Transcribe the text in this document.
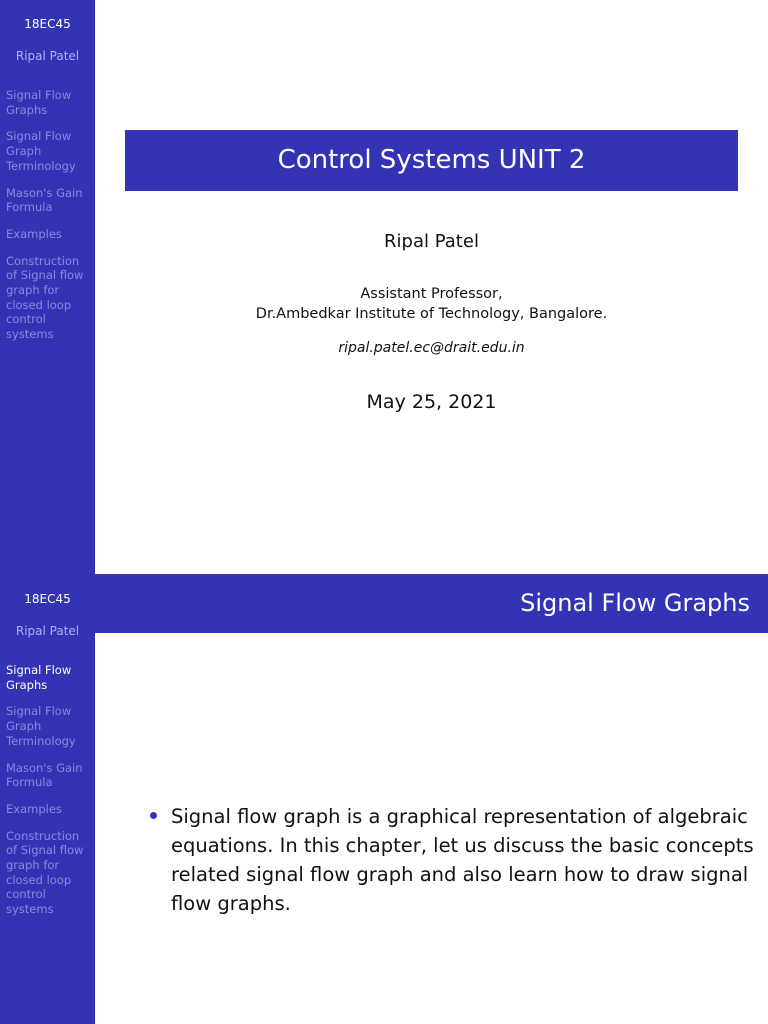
18EC45
Ripal Patel
Signal Flow Graphs
Signal Flow Graph Terminology
Mason's Gain Formula
Examples
Construction of Signal flow graph for closed loop control systems
Control Systems UNIT 2
Ripal Patel
Assistant Professor,
Dr.Ambedkar Institute of Technology, Bangalore.
ripal.patel.ec@drait.edu.in
May 25, 2021
18EC45
Ripal Patel
Signal Flow Graphs
Signal Flow Graph Terminology
Mason's Gain Formula
Examples
Construction of Signal flow graph for closed loop control systems
Signal Flow Graphs
Signal flow graph is a graphical representation of algebraic equations. In this chapter, let us discuss the basic concepts related signal flow graph and also learn how to draw signal flow graphs.
